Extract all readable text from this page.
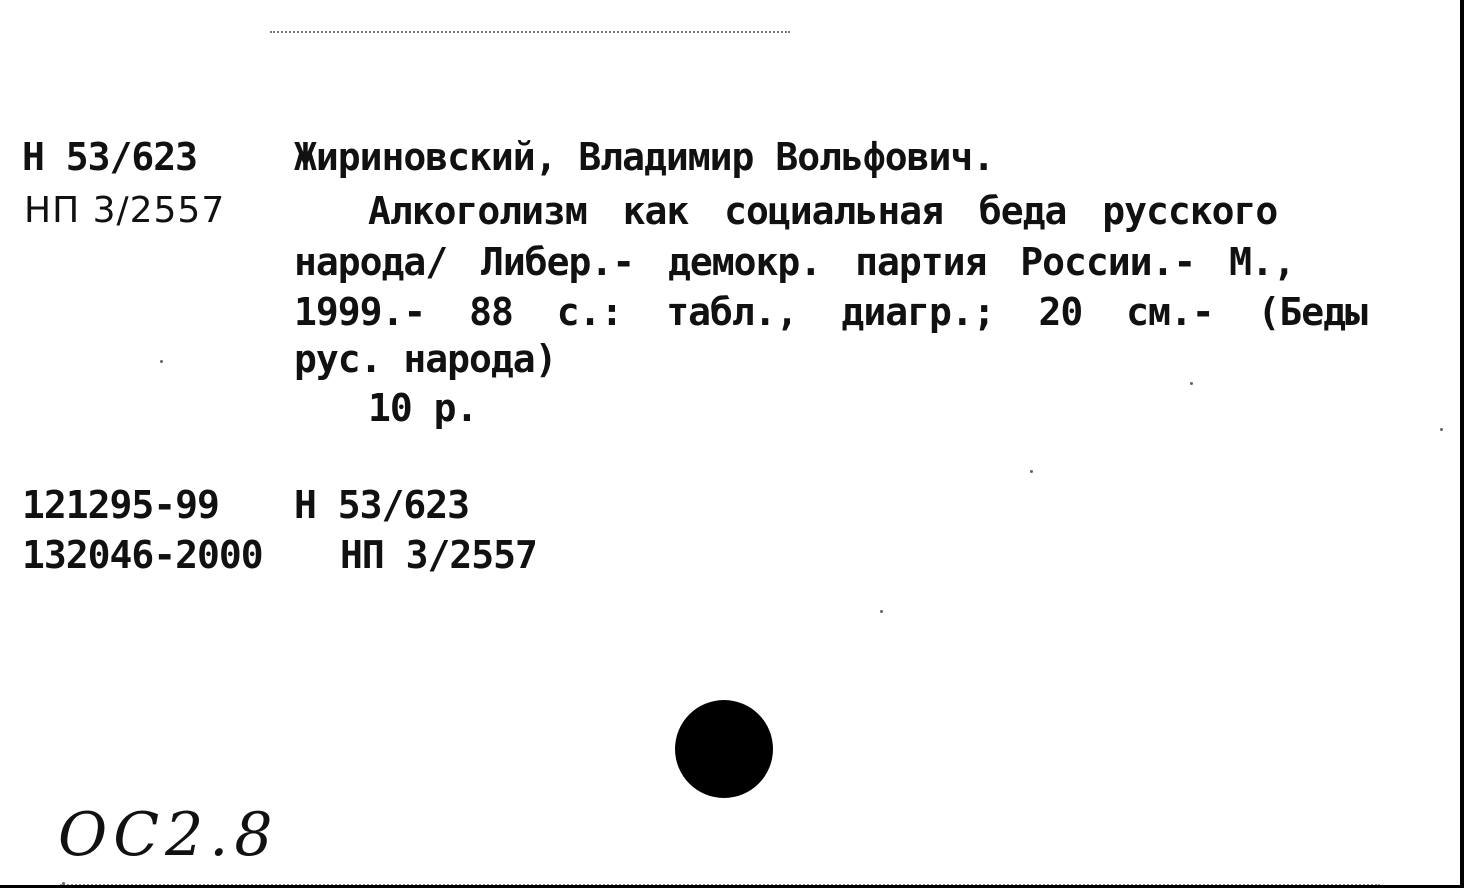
Н 53/623
НП 3/2557
Жириновский, Владимир Вольфович.
Алкоголизм как социальная беда русского
народа/ Либер.- демокр. партия России.- М.,
1999.- 88 с.: табл., диагр.; 20 см.- (Беды
рус. народа)
10 р.
121295-99 Н 53/623
132046-2000 НП 3/2557
ОС2.8
